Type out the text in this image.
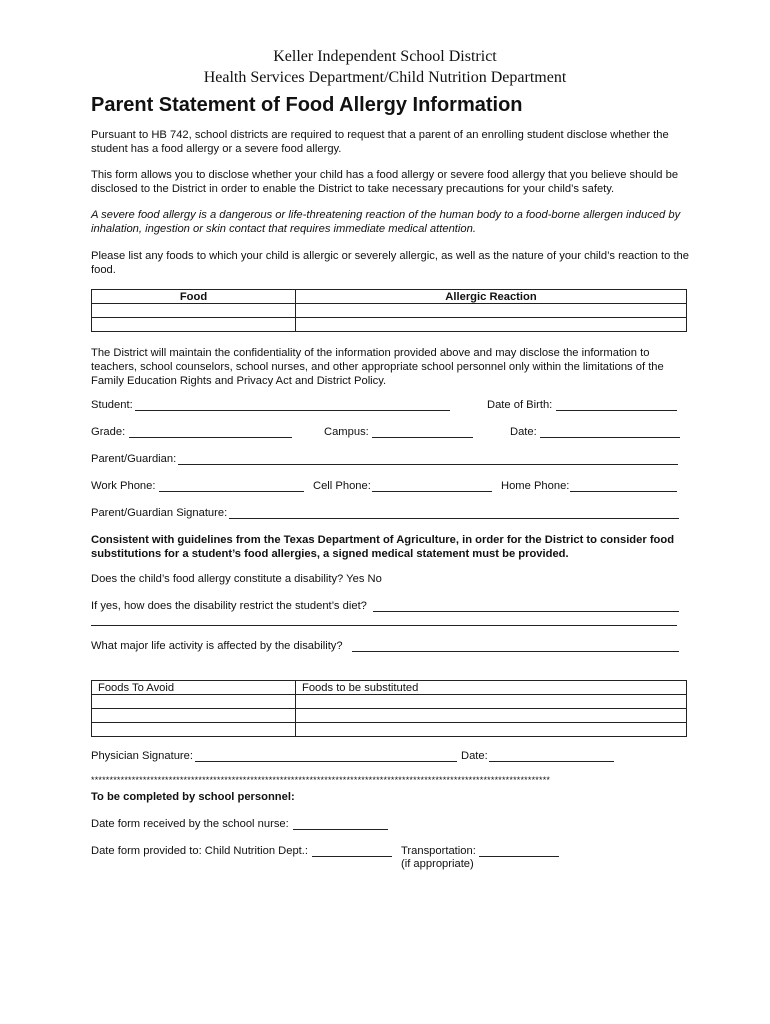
Keller Independent School District
Health Services Department/Child Nutrition Department
Parent Statement of Food Allergy Information
Pursuant to HB 742, school districts are required to request that a parent of an enrolling student disclose whether the student has a food allergy or a severe food allergy.
This form allows you to disclose whether your child has a food allergy or severe food allergy that you believe should be disclosed to the District in order to enable the District to take necessary precautions for your child’s safety.
A severe food allergy is a dangerous or life-threatening reaction of the human body to a food-borne allergen induced by inhalation, ingestion or skin contact that requires immediate medical attention.
Please list any foods to which your child is allergic or severely allergic, as well as the nature of your child’s reaction to the food.
Food	Allergic Reaction

The District will maintain the confidentiality of the information provided above and may disclose the information to teachers, school counselors, school nurses, and other appropriate school personnel only within the limitations of the Family Education Rights and Privacy Act and District Policy.
Student:	Date of Birth:
Grade:	Campus:	Date:
Parent/Guardian:
Work Phone:	Cell Phone:	Home Phone:
Parent/Guardian Signature:
Consistent with guidelines from the Texas Department of Agriculture, in order for the District to consider food substitutions for a student’s food allergies, a signed medical statement must be provided.
Does the child’s food allergy constitute a disability? Yes No
If yes, how does the disability restrict the student’s diet?
What major life activity is affected by the disability?
Foods To Avoid	Foods to be substituted

Physician Signature:	Date:
****************************************************************************************************************************
To be completed by school personnel:
Date form received by the school nurse:
Date form provided to: Child Nutrition Dept.:	Transportation:
(if appropriate)
